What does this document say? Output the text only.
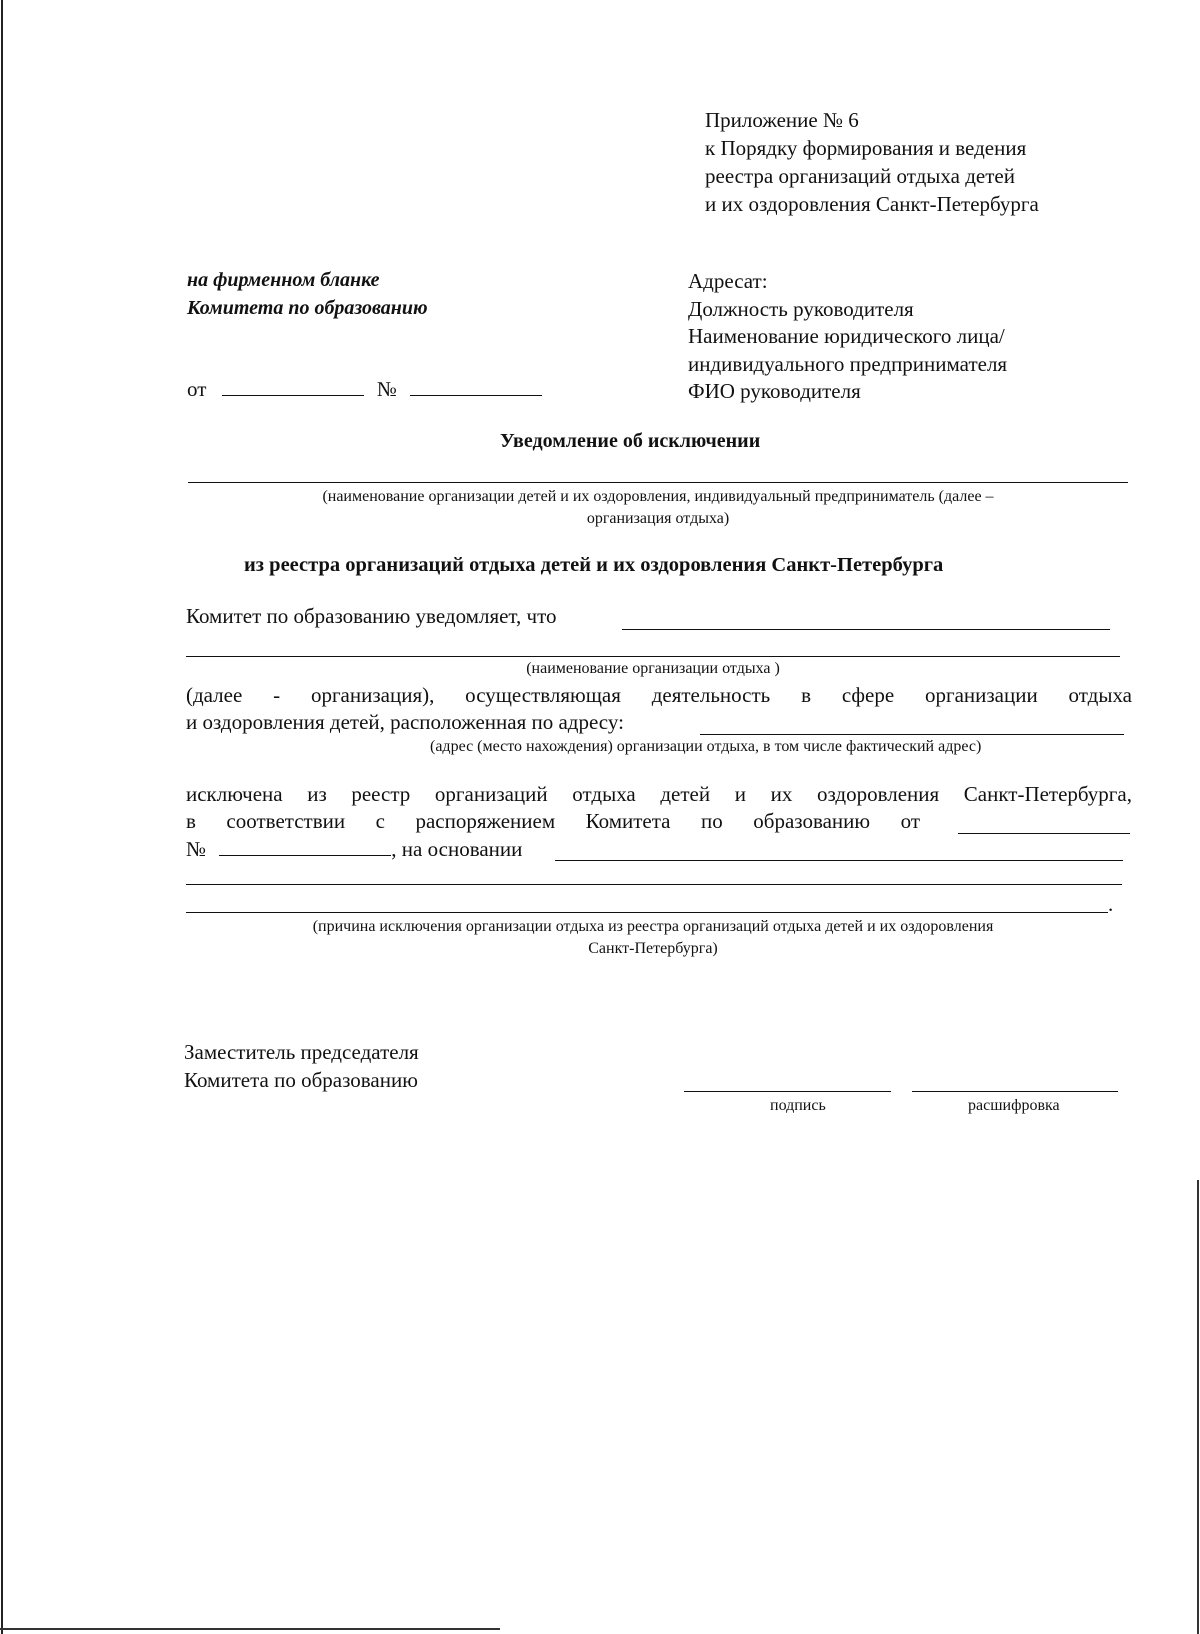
Приложение № 6
к Порядку формирования и ведения
реестра организаций отдыха детей
и их оздоровления Санкт-Петербурга
на фирменном бланке
Комитета по образованию
Адресат:
Должность руководителя
Наименование юридического лица/
индивидуального предпринимателя
ФИО руководителя
от	№
Уведомление об исключении
(наименование организации детей и их оздоровления, индивидуальный предприниматель (далее –
организация отдыха)
из реестра организаций отдыха детей и их оздоровления Санкт-Петербурга
Комитет по образованию уведомляет, что
(наименование организации отдыха )
(далее - организация), осуществляющая деятельность в сфере организации отдыха
и оздоровления детей, расположенная по адресу:
(адрес (место нахождения) организации отдыха, в том числе фактический адрес)
исключена из реестр организаций отдыха детей и их оздоровления Санкт-Петербурга,
в соответствии с распоряжением Комитета по образованию от
№	, на основании
.
(причина исключения организации отдыха из реестра организаций отдыха детей и их оздоровления
Санкт-Петербурга)
Заместитель председателя
Комитета по образованию
подпись	расшифровка
